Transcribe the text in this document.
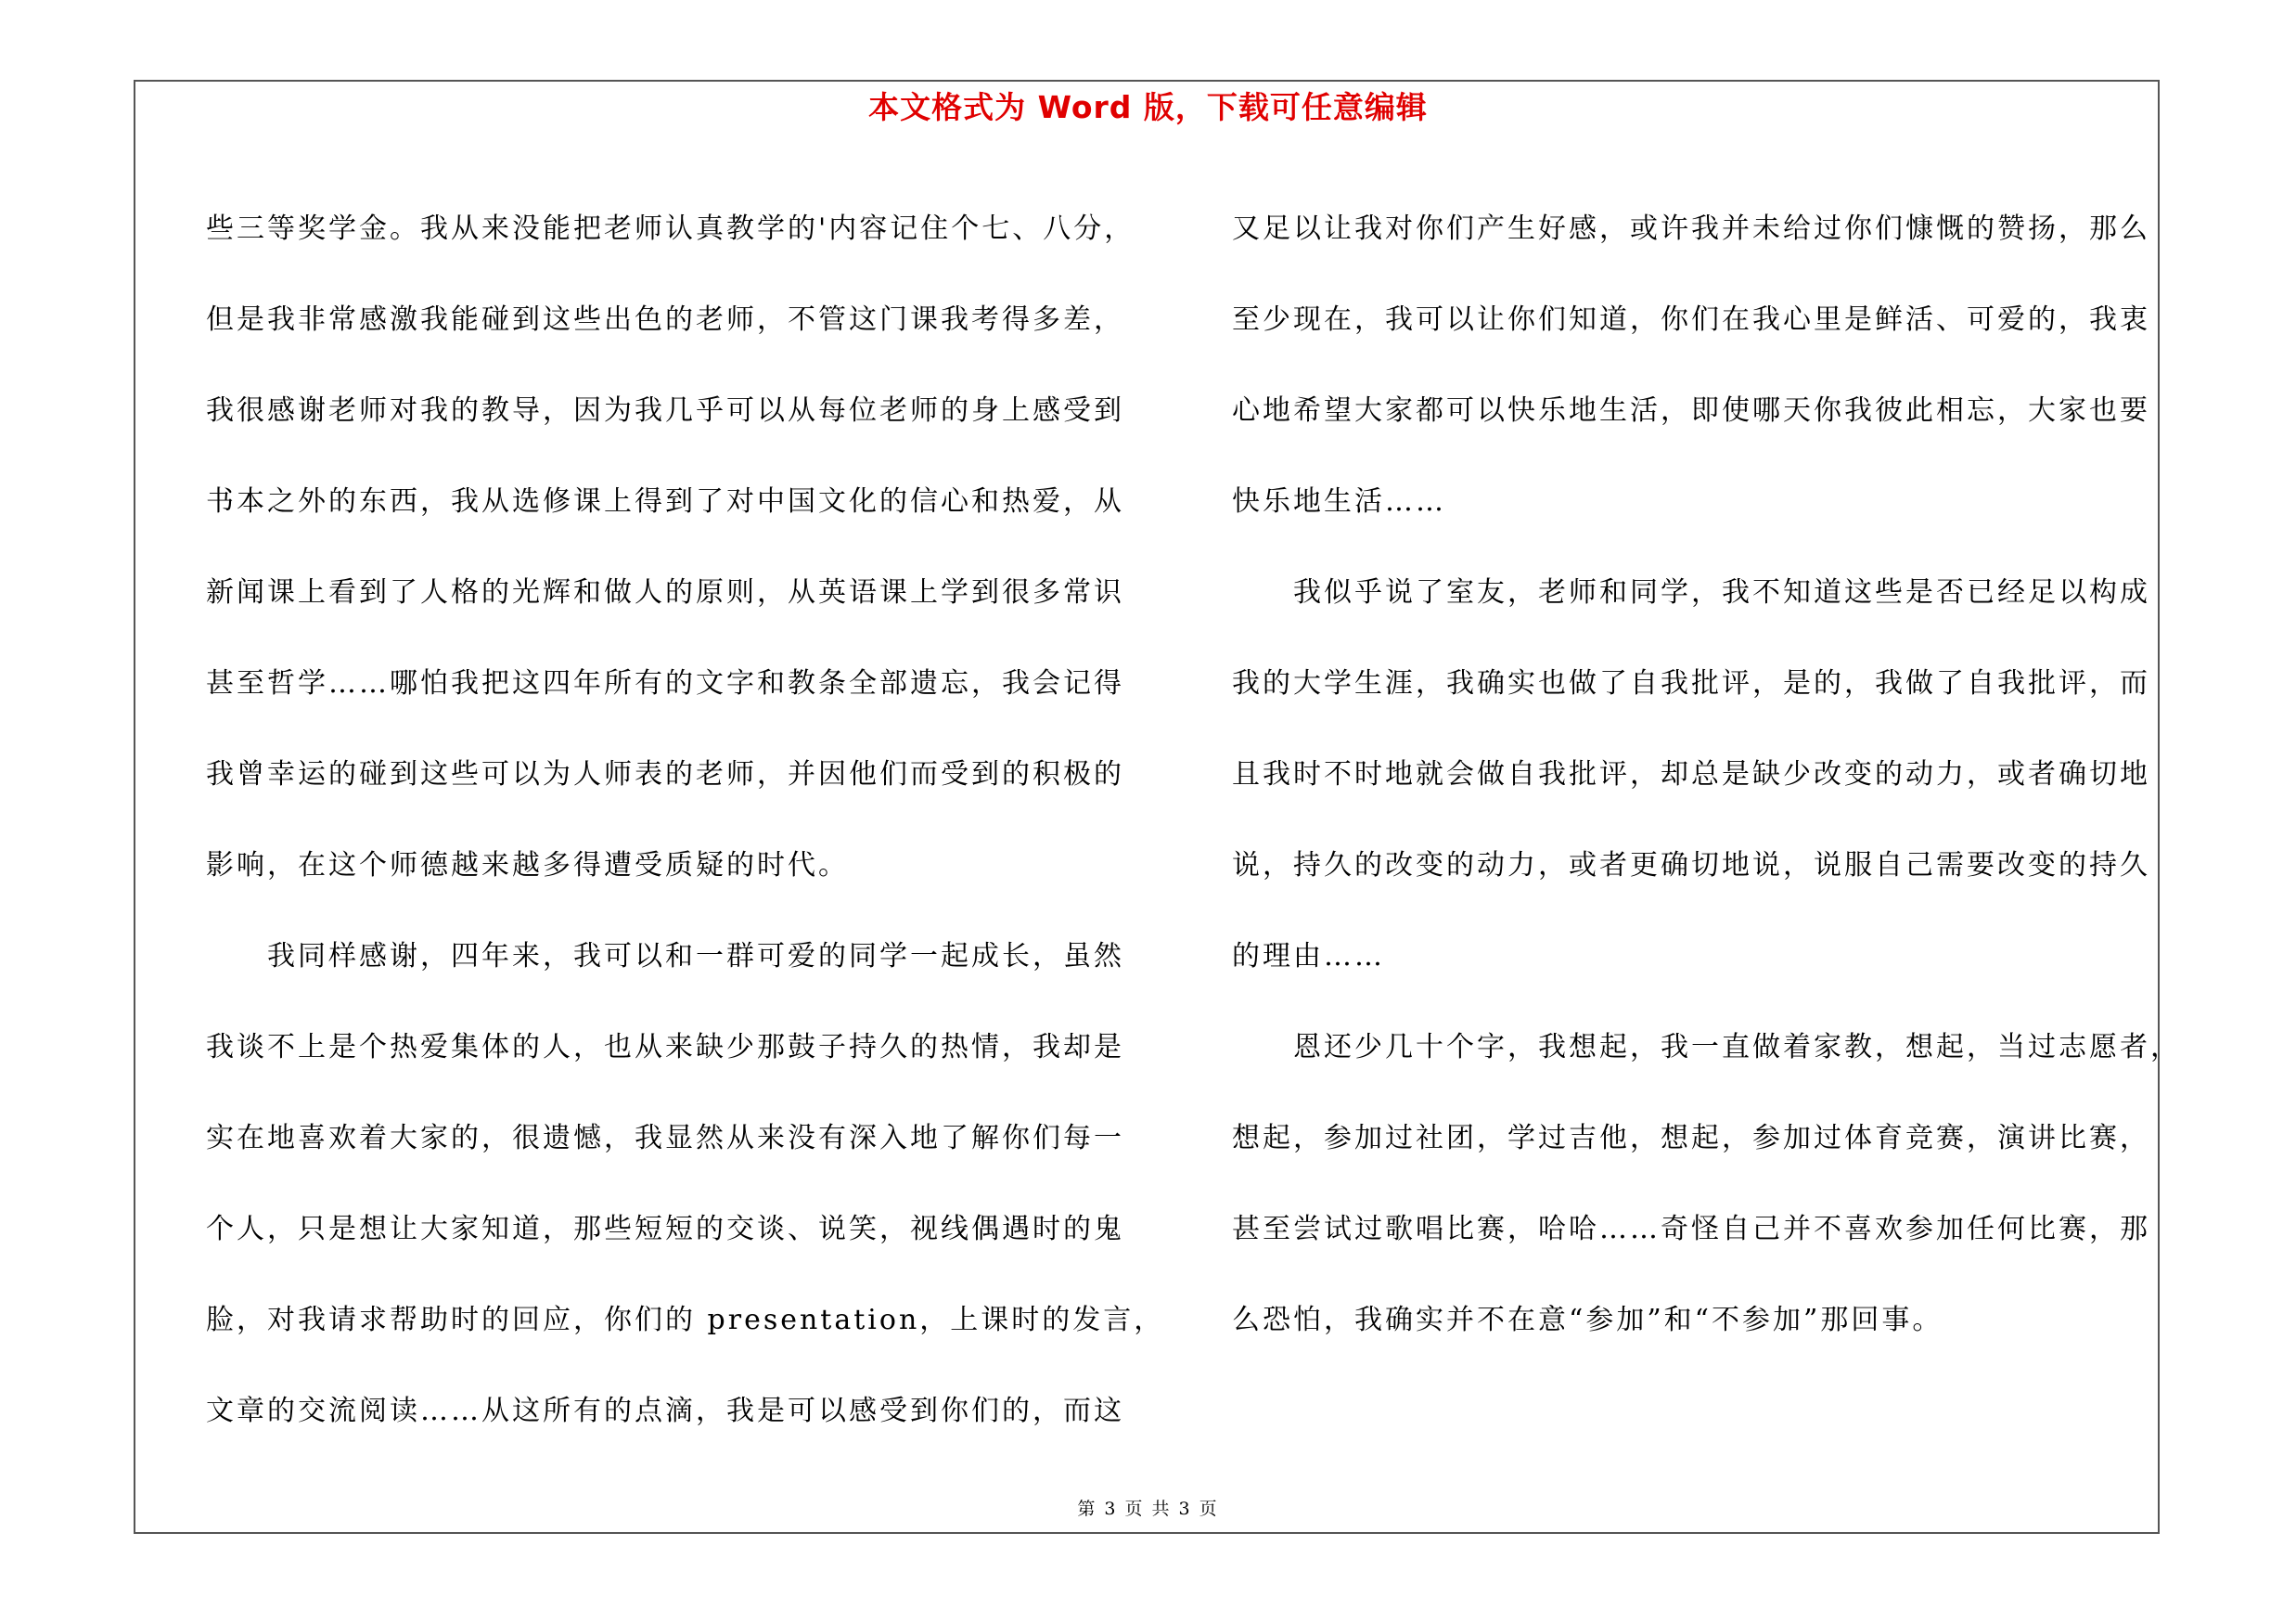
本文格式为 Word 版，下载可任意编辑
些三等奖学金。我从来没能把老师认真教学的'内容记住个七、八分，
但是我非常感激我能碰到这些出色的老师，不管这门课我考得多差，
我很感谢老师对我的教导，因为我几乎可以从每位老师的身上感受到
书本之外的东西，我从选修课上得到了对中国文化的信心和热爱，从
新闻课上看到了人格的光辉和做人的原则，从英语课上学到很多常识
甚至哲学……哪怕我把这四年所有的文字和教条全部遗忘，我会记得
我曾幸运的碰到这些可以为人师表的老师，并因他们而受到的积极的
影响，在这个师德越来越多得遭受质疑的时代。
我同样感谢，四年来，我可以和一群可爱的同学一起成长，虽然
我谈不上是个热爱集体的人，也从来缺少那鼓子持久的热情，我却是
实在地喜欢着大家的，很遗憾，我显然从来没有深入地了解你们每一
个人，只是想让大家知道，那些短短的交谈、说笑，视线偶遇时的鬼
脸，对我请求帮助时的回应，你们的 presentation，上课时的发言，
文章的交流阅读……从这所有的点滴，我是可以感受到你们的，而这
又足以让我对你们产生好感，或许我并未给过你们慷慨的赞扬，那么
至少现在，我可以让你们知道，你们在我心里是鲜活、可爱的，我衷
心地希望大家都可以快乐地生活，即使哪天你我彼此相忘，大家也要
快乐地生活……
我似乎说了室友，老师和同学，我不知道这些是否已经足以构成
我的大学生涯，我确实也做了自我批评，是的，我做了自我批评，而
且我时不时地就会做自我批评，却总是缺少改变的动力，或者确切地
说，持久的改变的动力，或者更确切地说，说服自己需要改变的持久
的理由……
恩还少几十个字，我想起，我一直做着家教，想起，当过志愿者，
想起，参加过社团，学过吉他，想起，参加过体育竞赛，演讲比赛，
甚至尝试过歌唱比赛，哈哈……奇怪自己并不喜欢参加任何比赛，那
么恐怕，我确实并不在意“参加”和“不参加”那回事。
第 3 页 共 3 页
